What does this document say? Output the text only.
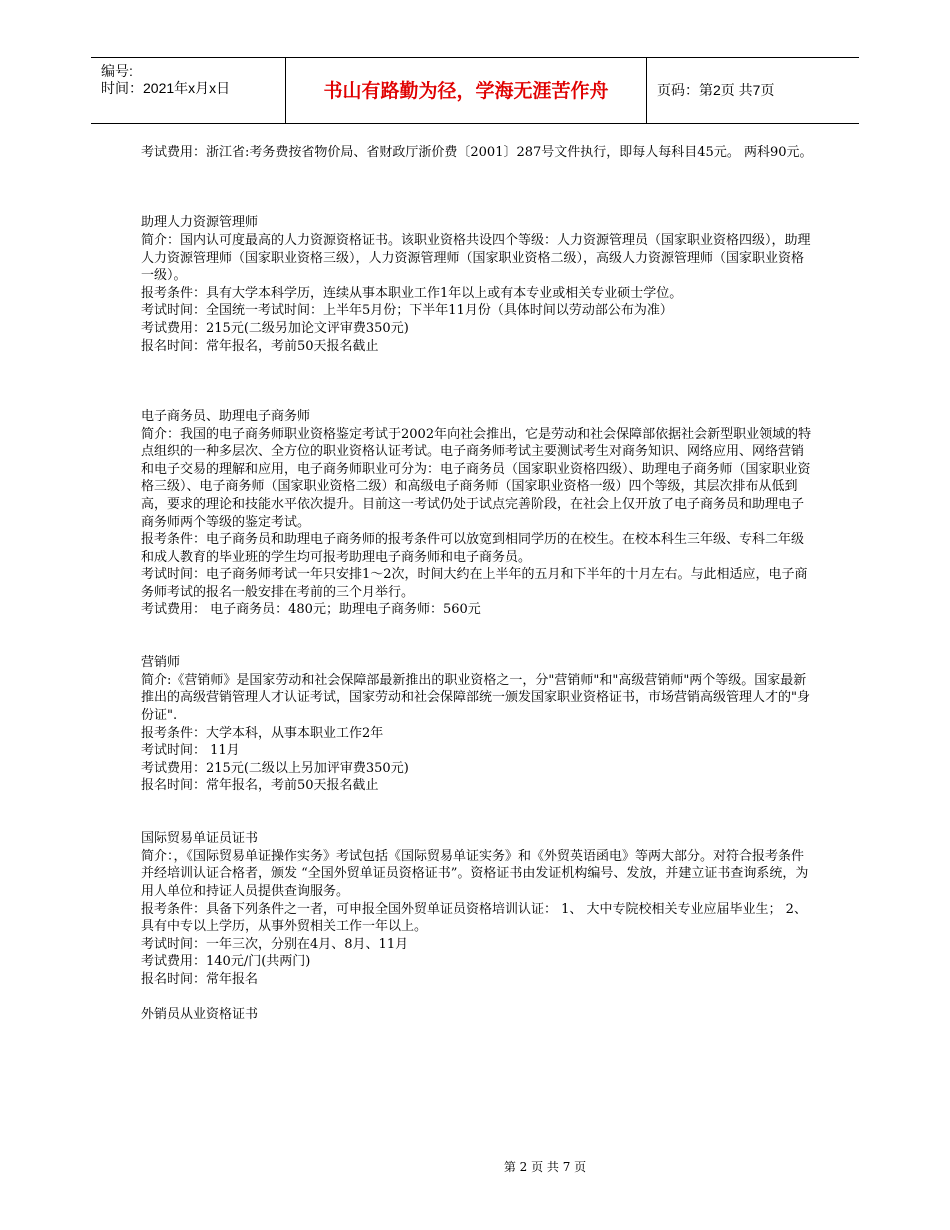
编号:
时间：2021年x月x日	书山有路勤为径，学海无涯苦作舟	页码：第2页 共7页

考试费用：浙江省:考务费按省物价局、省财政厅浙价费〔2001〕287号文件执行，即每人每科目45元。 两科90元。

助理人力资源管理师

简介：国内认可度最高的人力资源资格证书。该职业资格共设四个等级：人力资源管理员（国家职业资格四级），助理人力资源管理师（国家职业资格三级），人力资源管理师（国家职业资格二级），高级人力资源管理师（国家职业资格一级）。

报考条件：具有大学本科学历，连续从事本职业工作1年以上或有本专业或相关专业硕士学位。

考试时间：全国统一考试时间：上半年5月份；下半年11月份（具体时间以劳动部公布为准）

考试费用：215元(二级另加论文评审费350元)

报名时间：常年报名，考前50天报名截止

电子商务员、助理电子商务师

简介：我国的电子商务师职业资格鉴定考试于2002年向社会推出，它是劳动和社会保障部依据社会新型职业领域的特点组织的一种多层次、全方位的职业资格认证考试。电子商务师考试主要测试考生对商务知识、网络应用、网络营销和电子交易的理解和应用，电子商务师职业可分为：电子商务员（国家职业资格四级）、助理电子商务师（国家职业资格三级）、电子商务师（国家职业资格二级）和高级电子商务师（国家职业资格一级）四个等级，其层次排布从低到高，要求的理论和技能水平依次提升。目前这一考试仍处于试点完善阶段，在社会上仅开放了电子商务员和助理电子商务师两个等级的鉴定考试。

报考条件：电子商务员和助理电子商务师的报考条件可以放宽到相同学历的在校生。在校本科生三年级、专科二年级和成人教育的毕业班的学生均可报考助理电子商务师和电子商务员。

考试时间：电子商务师考试一年只安排1～2次，时间大约在上半年的五月和下半年的十月左右。与此相适应，电子商务师考试的报名一般安排在考前的三个月举行。

考试费用： 电子商务员：480元；助理电子商务师：560元

营销师

简介:《营销师》是国家劳动和社会保障部最新推出的职业资格之一，分"营销师"和"高级营销师"两个等级。国家最新推出的高级营销管理人才认证考试，国家劳动和社会保障部统一颁发国家职业资格证书，市场营销高级管理人才的"身份证".

报考条件：大学本科，从事本职业工作2年

考试时间： 11月

考试费用：215元(二级以上另加评审费350元)

报名时间：常年报名，考前50天报名截止

国际贸易单证员证书

简介：，《国际贸易单证操作实务》考试包括《国际贸易单证实务》和《外贸英语函电》等两大部分。对符合报考条件并经培训认证合格者，颁发 “全国外贸单证员资格证书”。资格证书由发证机构编号、发放，并建立证书查询系统，为用人单位和持证人员提供查询服务。

报考条件：具备下列条件之一者，可申报全国外贸单证员资格培训认证： 1、 大中专院校相关专业应届毕业生； 2、 具有中专以上学历，从事外贸相关工作一年以上。

考试时间：一年三次，分别在4月、8月、11月

考试费用：140元/门(共两门)

报名时间：常年报名

外销员从业资格证书

第 2 页 共 7 页
